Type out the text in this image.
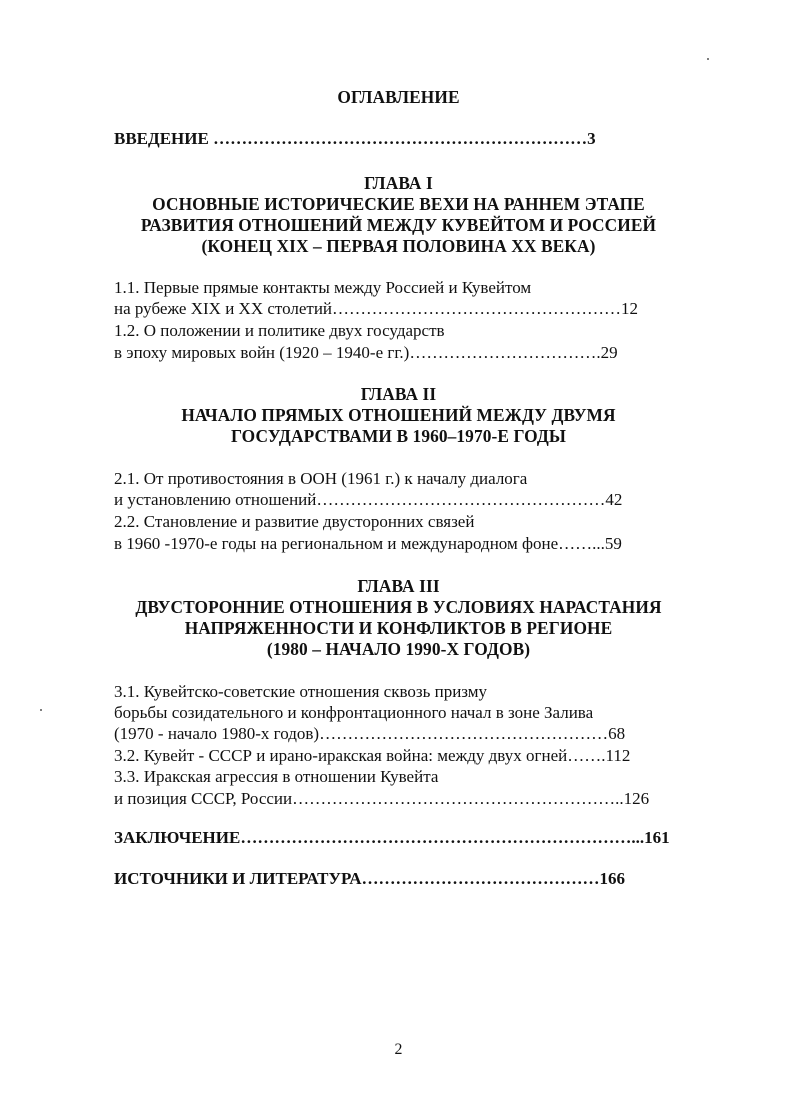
ОГЛАВЛЕНИЕ
ВВЕДЕНИЕ …………………………………………………………3
ГЛАВА I
ОСНОВНЫЕ ИСТОРИЧЕСКИЕ ВЕХИ НА РАННЕМ ЭТАПЕ
РАЗВИТИЯ ОТНОШЕНИЙ МЕЖДУ КУВЕЙТОМ И РОССИЕЙ
(КОНЕЦ XIX – ПЕРВАЯ ПОЛОВИНА XX ВЕКА)
1.1. Первые прямые контакты между Россией и Кувейтом
на рубеже XIX и XX столетий……………………………………………12
1.2. О положении и политике двух государств
в эпоху мировых войн (1920 – 1940-е гг.)…………………………….29
ГЛАВА II
НАЧАЛО ПРЯМЫХ ОТНОШЕНИЙ МЕЖДУ ДВУМЯ
ГОСУДАРСТВАМИ В 1960–1970-Е ГОДЫ
2.1. От противостояния в ООН (1961 г.) к началу диалога
и установлению отношений……………………………………………42
2.2. Становление и развитие двусторонних связей
в 1960 -1970-е годы на региональном и международном фоне……...59
ГЛАВА III
ДВУСТОРОННИЕ ОТНОШЕНИЯ В УСЛОВИЯХ НАРАСТАНИЯ
НАПРЯЖЕННОСТИ И КОНФЛИКТОВ В РЕГИОНЕ
(1980 – НАЧАЛО 1990-Х ГОДОВ)
3.1. Кувейтско-советские отношения сквозь призму
борьбы созидательного и конфронтационного начал в зоне Залива
(1970 - начало 1980-х годов)……………………………………………68
3.2. Кувейт - СССР и ирано-иракская война: между двух огней…….112
3.3. Иракская агрессия в отношении Кувейта
и позиция СССР, России…………………………………………………..126
ЗАКЛЮЧЕНИЕ……………………………………………………………...161
ИСТОЧНИКИ И ЛИТЕРАТУРА……………………………………166
2
